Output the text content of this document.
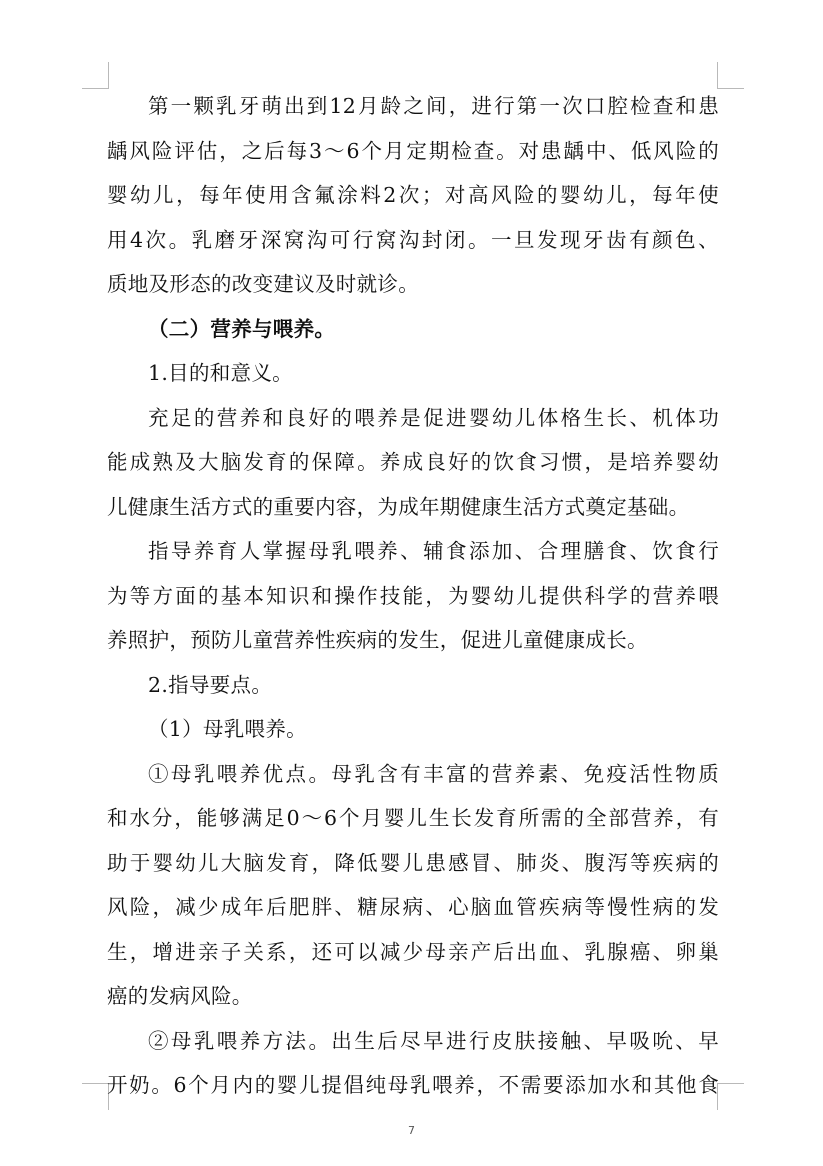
第一颗乳牙萌出到12月龄之间，进行第一次口腔检查和患
龋风险评估，之后每3～6个月定期检查。对患龋中、低风险的
婴幼儿，每年使用含氟涂料2次；对高风险的婴幼儿，每年使
用4次。乳磨牙深窝沟可行窝沟封闭。一旦发现牙齿有颜色、
质地及形态的改变建议及时就诊。
（二）营养与喂养。
1.目的和意义。
充足的营养和良好的喂养是促进婴幼儿体格生长、机体功
能成熟及大脑发育的保障。养成良好的饮食习惯，是培养婴幼
儿健康生活方式的重要内容，为成年期健康生活方式奠定基础。
指导养育人掌握母乳喂养、辅食添加、合理膳食、饮食行
为等方面的基本知识和操作技能，为婴幼儿提供科学的营养喂
养照护，预防儿童营养性疾病的发生，促进儿童健康成长。
2.指导要点。
（1）母乳喂养。
①母乳喂养优点。母乳含有丰富的营养素、免疫活性物质
和水分，能够满足0～6个月婴儿生长发育所需的全部营养，有
助于婴幼儿大脑发育，降低婴儿患感冒、肺炎、腹泻等疾病的
风险，减少成年后肥胖、糖尿病、心脑血管疾病等慢性病的发
生，增进亲子关系，还可以减少母亲产后出血、乳腺癌、卵巢
癌的发病风险。
②母乳喂养方法。出生后尽早进行皮肤接触、早吸吮、早
开奶。6个月内的婴儿提倡纯母乳喂养，不需要添加水和其他食
7
